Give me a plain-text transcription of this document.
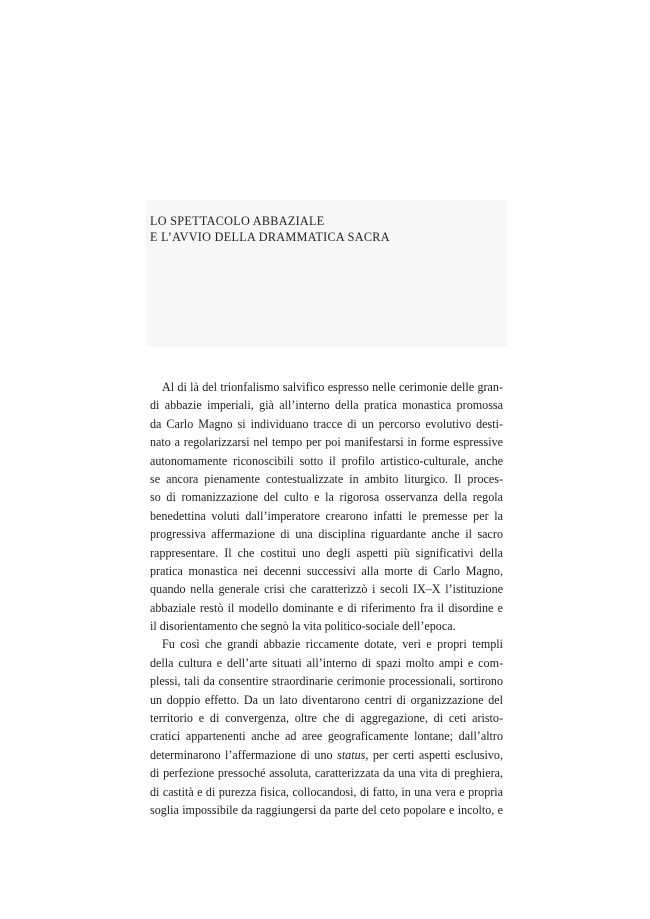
LO SPETTACOLO ABBAZIALE
E L’AVVIO DELLA DRAMMATICA SACRA
Al di là del trionfalismo salvifico espresso nelle cerimonie delle gran-
di abbazie imperiali, già all’interno della pratica monastica promossa
da Carlo Magno si individuano tracce di un percorso evolutivo desti-
nato a regolarizzarsi nel tempo per poi manifestarsi in forme espressive
autonomamente riconoscibili sotto il profilo artistico-culturale, anche
se ancora pienamente contestualizzate in ambito liturgico. Il proces-
so di romanizzazione del culto e la rigorosa osservanza della regola
benedettina voluti dall’imperatore crearono infatti le premesse per la
progressiva affermazione di una disciplina riguardante anche il sacro
rappresentare. Il che costituì uno degli aspetti più significativi della
pratica monastica nei decenni successivi alla morte di Carlo Magno,
quando nella generale crisi che caratterizzò i secoli IX–X l’istituzione
abbaziale restò il modello dominante e di riferimento fra il disordine e
il disorientamento che segnò la vita politico-sociale dell’epoca.
Fu così che grandi abbazie riccamente dotate, veri e propri templi
della cultura e dell’arte situati all’interno di spazi molto ampi e com-
plessi, tali da consentire straordinarie cerimonie processionali, sortirono
un doppio effetto. Da un lato diventarono centri di organizzazione del
territorio e di convergenza, oltre che di aggregazione, di ceti aristo-
cratici appartenenti anche ad aree geograficamente lontane; dall’altro
determinarono l’affermazione di uno status, per certi aspetti esclusivo,
di perfezione pressoché assoluta, caratterizzata da una vita di preghiera,
di castità e di purezza fisica, collocandosi, di fatto, in una vera e propria
soglia impossibile da raggiungersi da parte del ceto popolare e incolto, e
